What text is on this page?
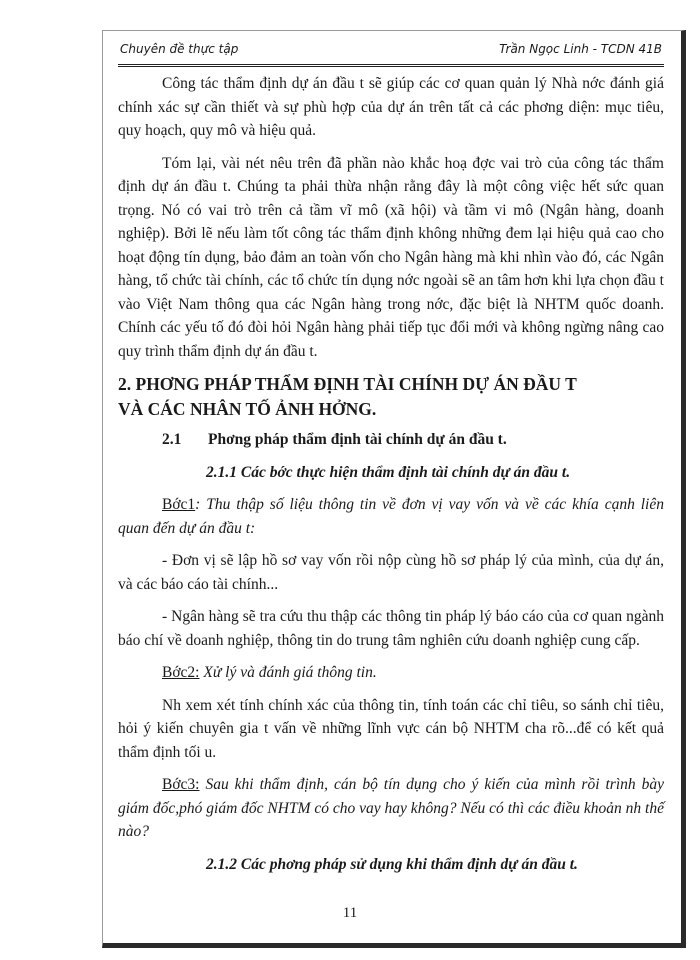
Chuyên đề thực tập	Trần Ngọc Linh - TCDN 41B

Công tác thẩm định dự án đầu t sẽ giúp các cơ quan quản lý Nhà nớc đánh giá chính xác sự cần thiết và sự phù hợp của dự án trên tất cả các phơng diện: mục tiêu, quy hoạch, quy mô và hiệu quả.

Tóm lại, vài nét nêu trên đã phần nào khắc hoạ đợc vai trò của công tác thẩm định dự án đầu t. Chúng ta phải thừa nhận rằng đây là một công việc hết sức quan trọng. Nó có vai trò trên cả tầm vĩ mô (xã hội) và tầm vi mô (Ngân hàng, doanh nghiệp). Bởi lẽ nếu làm tốt công tác thẩm định không những đem lại hiệu quả cao cho hoạt động tín dụng, bảo đảm an toàn vốn cho Ngân hàng mà khi nhìn vào đó, các Ngân hàng, tổ chức tài chính, các tổ chức tín dụng nớc ngoài sẽ an tâm hơn khi lựa chọn đầu t vào Việt Nam thông qua các Ngân hàng trong nớc, đặc biệt là NHTM quốc doanh. Chính các yếu tố đó đòi hỏi Ngân hàng phải tiếp tục đổi mới và không ngừng nâng cao quy trình thẩm định dự án đầu t.

2. PHƠNG PHÁP THẨM ĐỊNH TÀI CHÍNH DỰ ÁN ĐẦU T
VÀ CÁC NHÂN TỐ ẢNH HỞNG.
2.1 Phơng pháp thẩm định tài chính dự án đầu t.
2.1.1 Các bớc thực hiện thẩm định tài chính dự án đầu t.

Bớc1: Thu thập số liệu thông tin về đơn vị vay vốn và về các khía cạnh liên quan đến dự án đầu t:

- Đơn vị sẽ lập hồ sơ vay vốn rồi nộp cùng hồ sơ pháp lý của mình, của dự án, và các báo cáo tài chính...

- Ngân hàng sẽ tra cứu thu thập các thông tin pháp lý báo cáo của cơ quan ngành báo chí về doanh nghiệp, thông tin do trung tâm nghiên cứu doanh nghiệp cung cấp.

Bớc2: Xử lý và đánh giá thông tin.

Nh xem xét tính chính xác của thông tin, tính toán các chỉ tiêu, so sánh chỉ tiêu, hỏi ý kiến chuyên gia t vấn về những lĩnh vực cán bộ NHTM cha rõ...để có kết quả thẩm định tối u.

Bớc3: Sau khi thẩm định, cán bộ tín dụng cho ý kiến của mình rồi trình bày giám đốc,phó giám đốc NHTM có cho vay hay không? Nếu có thì các điều khoản nh thế nào?

2.1.2 Các phơng pháp sử dụng khi thẩm định dự án đầu t.
11
